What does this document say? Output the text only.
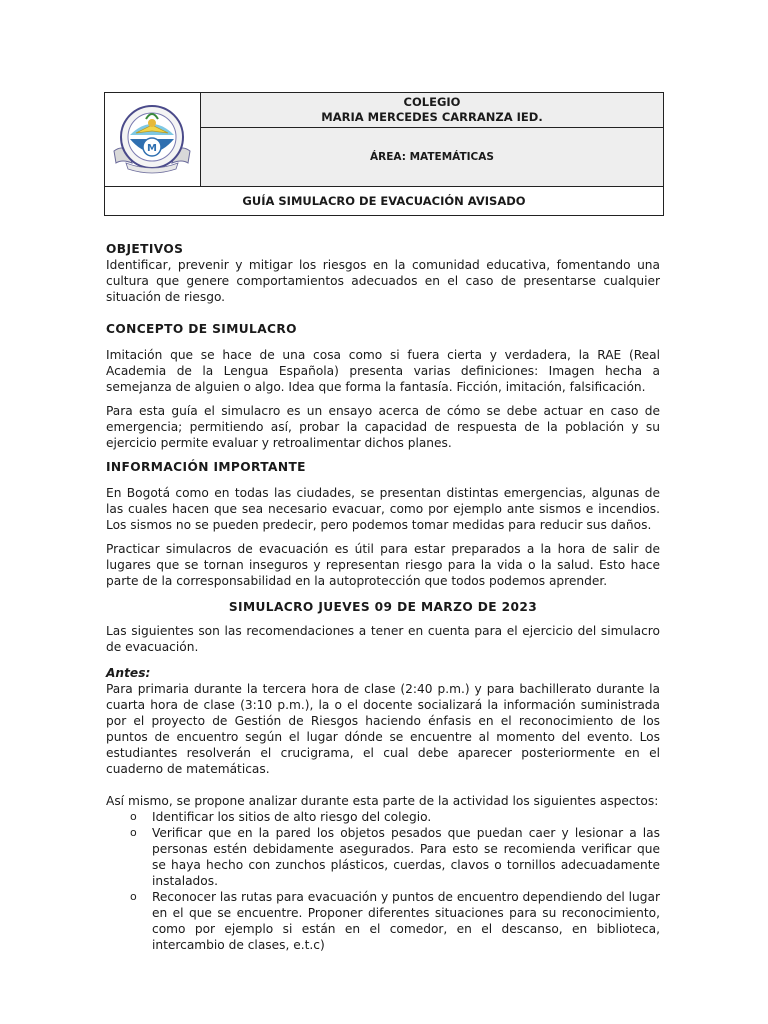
M
COLEGIO
MARIA MERCEDES CARRANZA IED.
ÁREA: MATEMÁTICAS
GUÍA SIMULACRO DE EVACUACIÓN AVISADO
OBJETIVOS

Identificar, prevenir y mitigar los riesgos en la comunidad educativa, fomentando una cultura que genere comportamientos adecuados en el caso de presentarse cualquier situación de riesgo.

CONCEPTO DE SIMULACRO

Imitación que se hace de una cosa como si fuera cierta y verdadera, la RAE (Real Academia de la Lengua Española) presenta varias definiciones: Imagen hecha a semejanza de alguien o algo. Idea que forma la fantasía. Ficción, imitación, falsificación.

Para esta guía el simulacro es un ensayo acerca de cómo se debe actuar en caso de emergencia; permitiendo así, probar la capacidad de respuesta de la población y su ejercicio permite evaluar y retroalimentar dichos planes.

INFORMACIÓN IMPORTANTE

En Bogotá como en todas las ciudades, se presentan distintas emergencias, algunas de las cuales hacen que sea necesario evacuar, como por ejemplo ante sismos e incendios. Los sismos no se pueden predecir, pero podemos tomar medidas para reducir sus daños.

Practicar simulacros de evacuación es útil para estar preparados a la hora de salir de lugares que se tornan inseguros y representan riesgo para la vida o la salud. Esto hace parte de la corresponsabilidad en la autoprotección que todos podemos aprender.

SIMULACRO JUEVES 09 DE MARZO DE 2023

Las siguientes son las recomendaciones a tener en cuenta para el ejercicio del simulacro de evacuación.

Antes:

Para primaria durante la tercera hora de clase (2:40 p.m.) y para bachillerato durante la cuarta hora de clase (3:10 p.m.), la o el docente socializará la información suministrada por el proyecto de Gestión de Riesgos haciendo énfasis en el reconocimiento de los puntos de encuentro según el lugar dónde se encuentre al momento del evento. Los estudiantes resolverán el crucigrama, el cual debe aparecer posteriormente en el cuaderno de matemáticas.

Así mismo, se propone analizar durante esta parte de la actividad los siguientes aspectos:

o Identificar los sitios de alto riesgo del colegio.
o Verificar que en la pared los objetos pesados que puedan caer y lesionar a las personas estén debidamente asegurados. Para esto se recomienda verificar que se haya hecho con zunchos plásticos, cuerdas, clavos o tornillos adecuadamente instalados.
o Reconocer las rutas para evacuación y puntos de encuentro dependiendo del lugar en el que se encuentre. Proponer diferentes situaciones para su reconocimiento, como por ejemplo si están en el comedor, en el descanso, en biblioteca, intercambio de clases, e.t.c)
